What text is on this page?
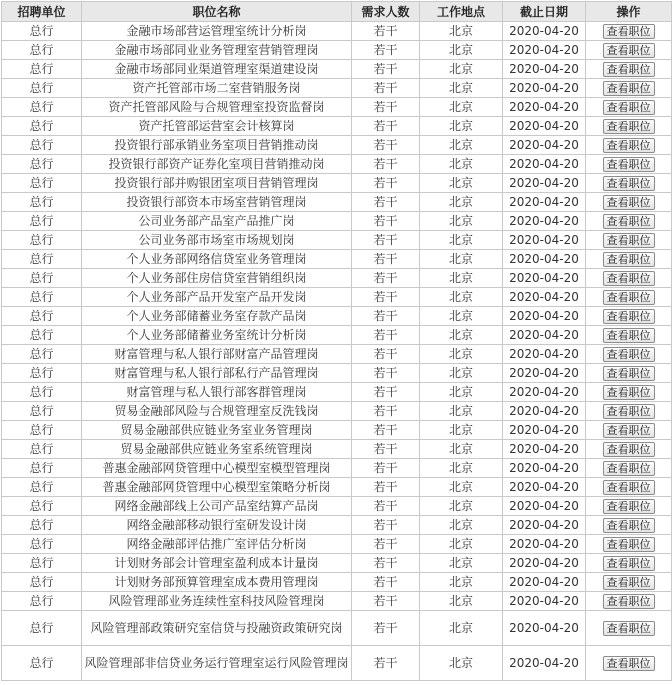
招聘单位	职位名称	需求人数	工作地点	截止日期	操作
总行	金融市场部营运管理室统计分析岗	若干	北京	2020-04-20	查看职位
总行	金融市场部同业业务管理室营销管理岗	若干	北京	2020-04-20	查看职位
总行	金融市场部同业渠道管理室渠道建设岗	若干	北京	2020-04-20	查看职位
总行	资产托管部市场二室营销服务岗	若干	北京	2020-04-20	查看职位
总行	资产托管部风险与合规管理室投资监督岗	若干	北京	2020-04-20	查看职位
总行	资产托管部运营室会计核算岗	若干	北京	2020-04-20	查看职位
总行	投资银行部承销业务室项目营销推动岗	若干	北京	2020-04-20	查看职位
总行	投资银行部资产证券化室项目营销推动岗	若干	北京	2020-04-20	查看职位
总行	投资银行部并购银团室项目营销管理岗	若干	北京	2020-04-20	查看职位
总行	投资银行部资本市场室营销管理岗	若干	北京	2020-04-20	查看职位
总行	公司业务部产品室产品推广岗	若干	北京	2020-04-20	查看职位
总行	公司业务部市场室市场规划岗	若干	北京	2020-04-20	查看职位
总行	个人业务部网络信贷室业务管理岗	若干	北京	2020-04-20	查看职位
总行	个人业务部住房信贷室营销组织岗	若干	北京	2020-04-20	查看职位
总行	个人业务部产品开发室产品开发岗	若干	北京	2020-04-20	查看职位
总行	个人业务部储蓄业务室存款产品岗	若干	北京	2020-04-20	查看职位
总行	个人业务部储蓄业务室统计分析岗	若干	北京	2020-04-20	查看职位
总行	财富管理与私人银行部财富产品管理岗	若干	北京	2020-04-20	查看职位
总行	财富管理与私人银行部私行产品管理岗	若干	北京	2020-04-20	查看职位
总行	财富管理与私人银行部客群管理岗	若干	北京	2020-04-20	查看职位
总行	贸易金融部风险与合规管理室反洗钱岗	若干	北京	2020-04-20	查看职位
总行	贸易金融部供应链业务室业务管理岗	若干	北京	2020-04-20	查看职位
总行	贸易金融部供应链业务室系统管理岗	若干	北京	2020-04-20	查看职位
总行	普惠金融部网贷管理中心模型室模型管理岗	若干	北京	2020-04-20	查看职位
总行	普惠金融部网贷管理中心模型室策略分析岗	若干	北京	2020-04-20	查看职位
总行	网络金融部线上公司产品室结算产品岗	若干	北京	2020-04-20	查看职位
总行	网络金融部移动银行室研发设计岗	若干	北京	2020-04-20	查看职位
总行	网络金融部评估推广室评估分析岗	若干	北京	2020-04-20	查看职位
总行	计划财务部会计管理室盈利成本计量岗	若干	北京	2020-04-20	查看职位
总行	计划财务部预算管理室成本费用管理岗	若干	北京	2020-04-20	查看职位
总行	风险管理部业务连续性室科技风险管理岗	若干	北京	2020-04-20	查看职位
总行	风险管理部政策研究室信贷与投融资政策研究岗	若干	北京	2020-04-20	查看职位
总行	风险管理部非信贷业务运行管理室运行风险管理岗	若干	北京	2020-04-20	查看职位
